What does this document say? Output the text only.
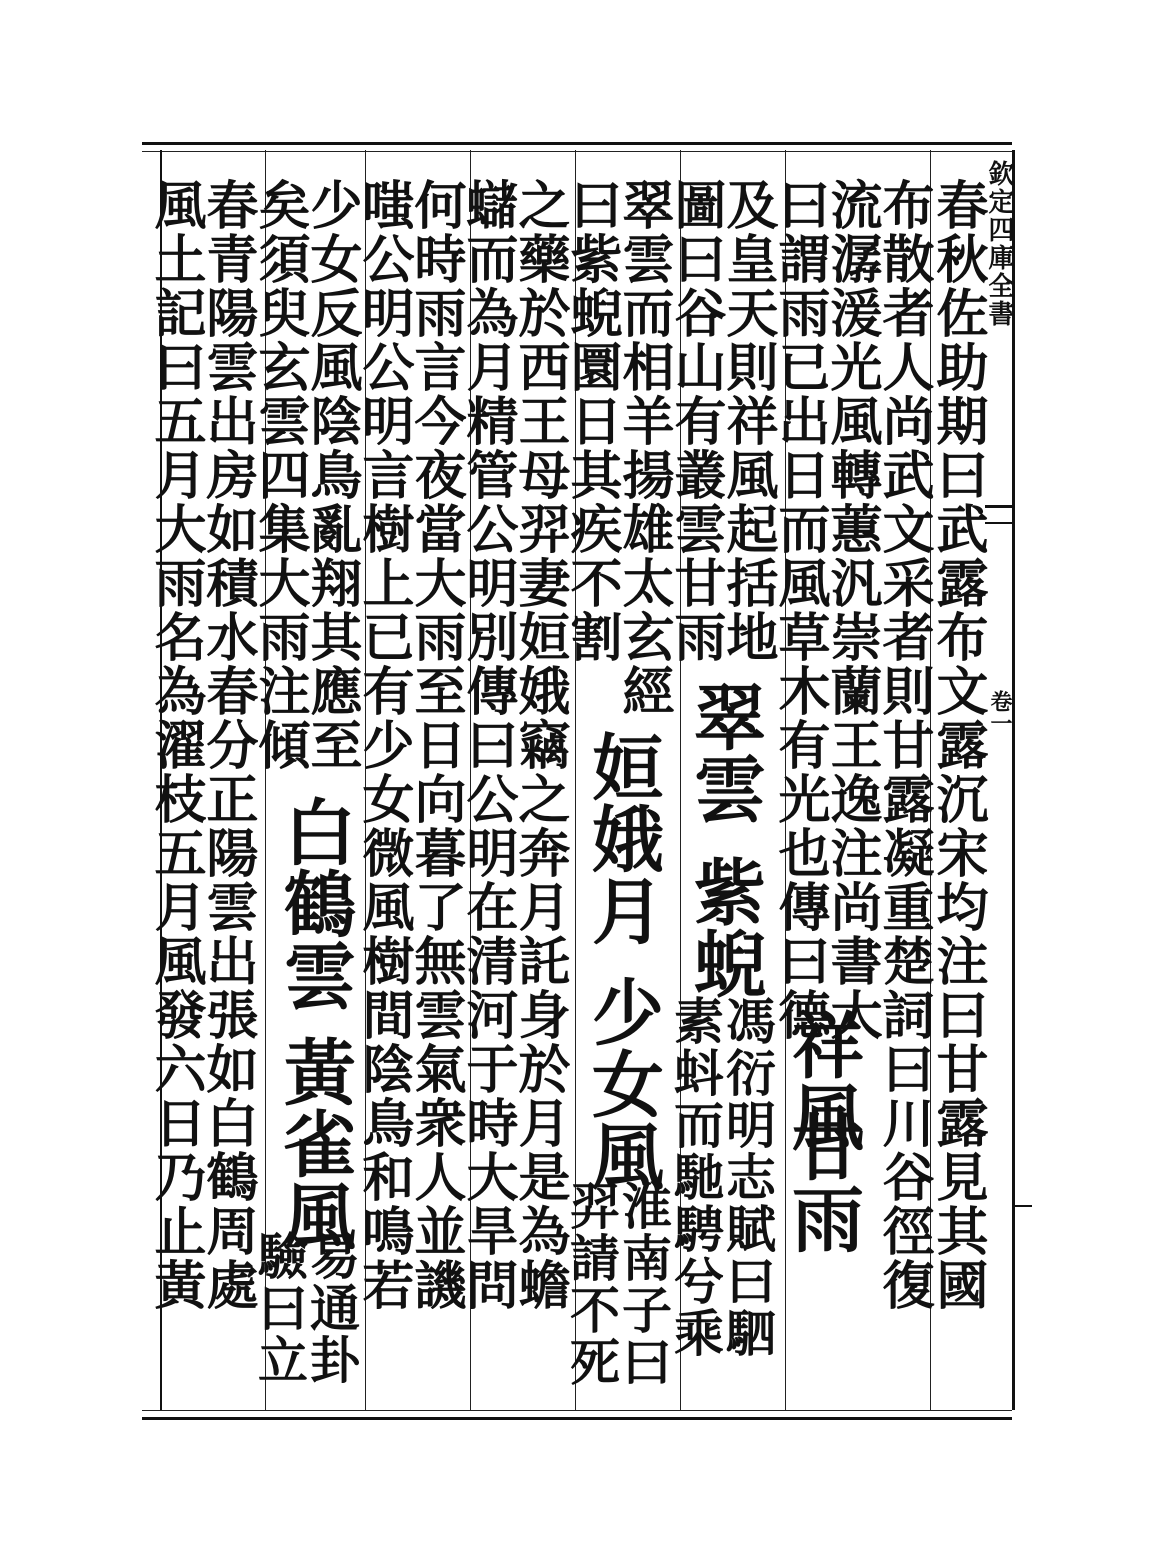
欽定四庫全書
卷一
春秋佐助期曰武露布文露沉宋均注曰甘露見其國
布散者人尚武文采者則甘露凝重楚詞曰川谷徑復
流潺湲光風轉蕙汎崇蘭王逸注尚書大
曰謂雨已出日而風草木有光也傳曰德
祥風
甘雨
及皇天則祥風起括地
圖曰谷山有叢雲甘雨
翠雲
紫蜺
馮衍明志賦曰駟
素蚪而馳騁兮乘
翠雲而相羊揚雄太玄經
曰紫蜺圜日其疾不割
姮娥月
少女風
淮南子曰
羿請不死
之藥於西王母羿妻姮娥竊之奔月託身於月是為蟾
蠩而為月精管公明別傳曰公明在清河于時大旱問
何時雨言今夜當大雨至日向暮了無雲氣衆人並譏
嗤公明公明言樹上已有少女微風樹間陰鳥和鳴若
少女反風陰鳥亂翔其應至
矣須臾玄雲四集大雨注傾
白鶴雲
黃雀風
易通卦
驗曰立
春青陽雲出房如積水春分正陽雲出張如白鶴周處
風土記曰五月大雨名為濯枝五月風發六日乃止黃
